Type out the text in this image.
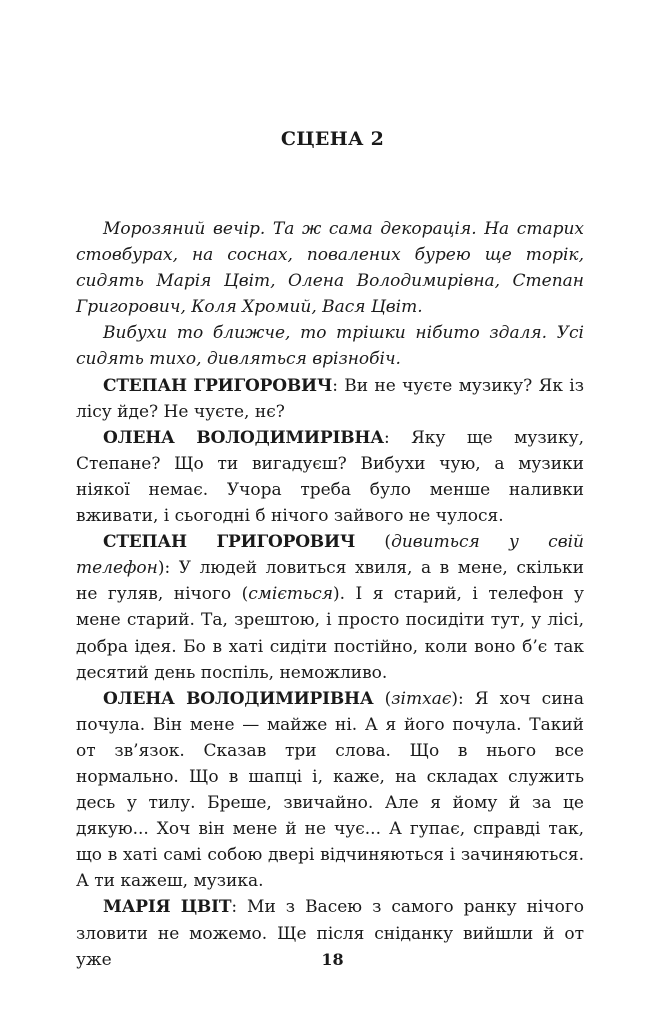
СЦЕНА 2

Морозяний вечір. Та ж сама декорація. На старих стовбурах, на соснах, повалених бурею ще торік, сидять Марія Цвіт, Олена Володимирівна, Степан Григорович, Коля Хромий, Вася Цвіт.

Вибухи то ближче, то трішки нібито здаля. Усі сидять тихо, дивляться врізнобіч.

СТЕПАН ГРИГОРОВИЧ: Ви не чуєте музику? Як із лісу йде? Не чуєте, нє?

ОЛЕНА ВОЛОДИМИРІВНА: Яку ще музику, Степане? Що ти вигадуєш? Вибухи чую, а музики ніякої немає. Учора треба було менше наливки вживати, і сьогодні б нічого зайвого не чулося.

СТЕПАН ГРИГОРОВИЧ (дивиться у свій телефон): У людей ловиться хвиля, а в мене, скільки не гуляв, нічого (сміється). І я старий, і телефон у мене старий. Та, зрештою, і просто посидіти тут, у лісі, добра ідея. Бо в хаті сидіти постійно, коли воно б’є так десятий день поспіль, неможливо.

ОЛЕНА ВОЛОДИМИРІВНА (зітхає): Я хоч сина почула. Він мене — майже ні. А я його почула. Такий от зв’язок. Сказав три слова. Що в нього все нормально. Що в шапці і, каже, на складах служить десь у тилу. Бреше, звичайно. Але я йому й за це дякую... Хоч він мене й не чує... А гупає, справді так, що в хаті самі собою двері відчиняються і зачиняються. А ти кажеш, музика.

МАРІЯ ЦВІТ: Ми з Васею з самого ранку нічого зловити не можемо. Ще після сніданку вийшли й от уже	18
